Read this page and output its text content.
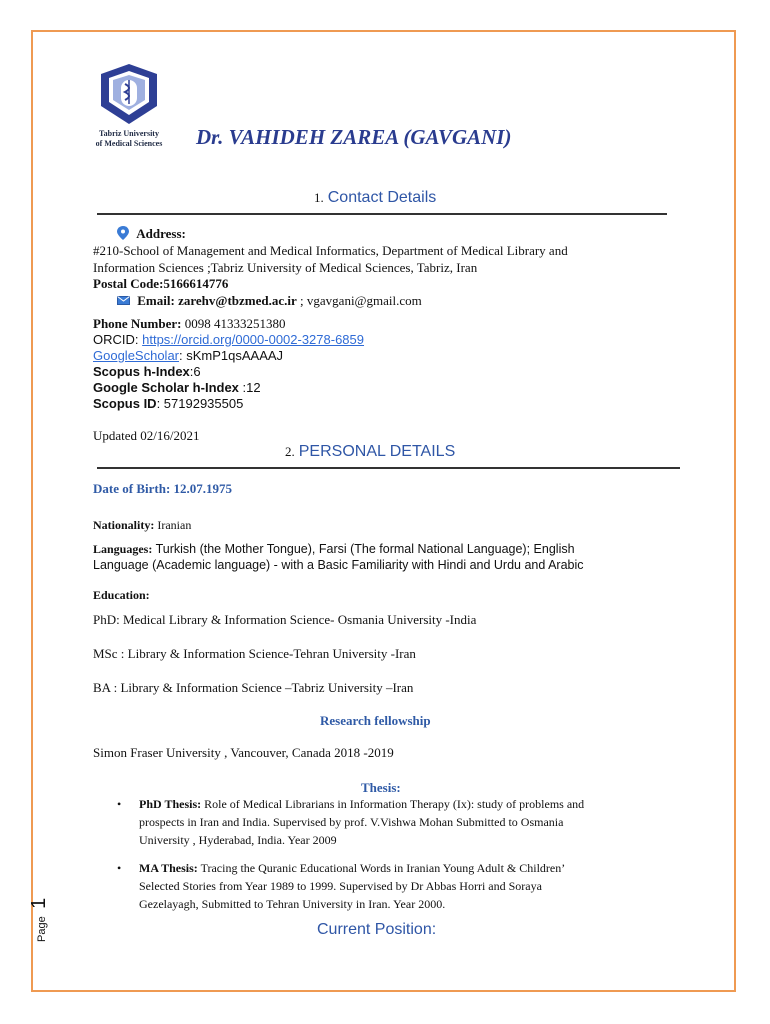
Tabriz University
of Medical Sciences	Dr. VAHIDEH ZAREA (GAVGANI)
1. Contact Details
Address:
#210-School of Management and Medical Informatics, Department of Medical Library and
Information Sciences ;Tabriz University of Medical Sciences, Tabriz, Iran
Postal Code:5166614776
Email: zarehv@tbzmed.ac.ir ; vgavgani@gmail.com
Phone Number: 0098 41333251380
ORCID: https://orcid.org/0000-0002-3278-6859
GoogleScholar: sKmP1qsAAAAJ
Scopus h-Index:6
Google Scholar h-Index :12
Scopus ID: 57192935505
Updated 02/16/2021
2. PERSONAL DETAILS
Date of Birth: 12.07.1975
Nationality: Iranian
Languages: Turkish (the Mother Tongue), Farsi (The formal National Language); English
Language (Academic language) - with a Basic Familiarity with Hindi and Urdu and Arabic
Education:
PhD: Medical Library & Information Science- Osmania University -India
MSc : Library & Information Science-Tehran University -Iran
BA : Library & Information Science –Tabriz University –Iran
Research fellowship
Simon Fraser University , Vancouver, Canada 2018 -2019
Thesis:
• PhD Thesis: Role of Medical Librarians in Information Therapy (Ix): study of problems and
prospects in Iran and India. Supervised by prof. V.Vishwa Mohan Submitted to Osmania
University , Hyderabad, India. Year 2009
• MA Thesis: Tracing the Quranic Educational Words in Iranian Young Adult & Children’
Selected Stories from Year 1989 to 1999. Supervised by Dr Abbas Horri and Soraya
Gezelayagh, Submitted to Tehran University in Iran. Year 2000.
Current Position:
Page 1
